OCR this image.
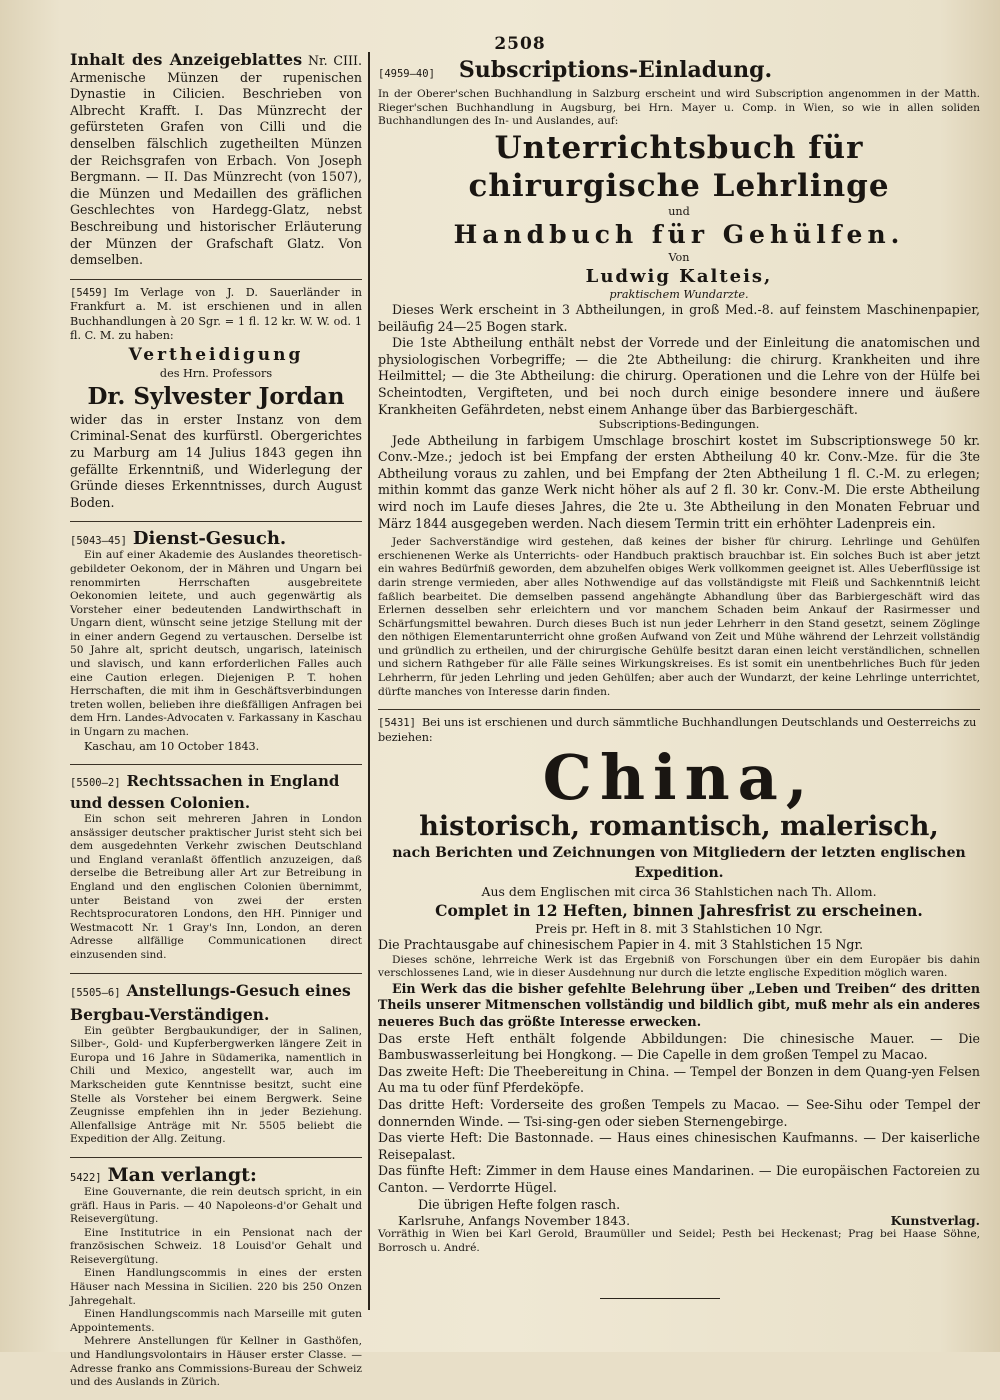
2508

Inhalt des Anzeigeblattes Nr. CIII. Armenische Münzen der rupenischen Dynastie in Cilicien. Beschrieben von Albrecht Krafft. I. Das Münzrecht der gefürsteten Grafen von Cilli und die denselben fälschlich zugetheilten Münzen der Reichsgrafen von Erbach. Von Joseph Bergmann. — II. Das Münzrecht (von 1507), die Münzen und Medaillen des gräflichen Geschlechtes von Hardegg-Glatz, nebst Beschreibung und historischer Erläuterung der Münzen der Grafschaft Glatz. Von demselben.

[5459] Im Verlage von J. D. Sauerländer in Frankfurt a. M. ist erschienen und in allen Buchhandlungen à 20 Sgr. = 1 fl. 12 kr. W. W. od. 1 fl. C. M. zu haben:

Vertheidigung

des Hrn. Professors

Dr. Sylvester Jordan

wider das in erster Instanz von dem Criminal-Senat des kurfürstl. Obergerichtes zu Marburg am 14 Julius 1843 gegen ihn gefällte Erkenntniß, und Widerlegung der Gründe dieses Erkenntnisses, durch August Boden.

[5043—45] Dienst-Gesuch.

Ein auf einer Akademie des Auslandes theoretisch-gebildeter Oekonom, der in Mähren und Ungarn bei renommirten Herrschaften ausgebreitete Oekonomien leitete, und auch gegenwärtig als Vorsteher einer bedeutenden Landwirthschaft in Ungarn dient, wünscht seine jetzige Stellung mit der in einer andern Gegend zu vertauschen. Derselbe ist 50 Jahre alt, spricht deutsch, ungarisch, lateinisch und slavisch, und kann erforderlichen Falles auch eine Caution erlegen. Diejenigen P. T. hohen Herrschaften, die mit ihm in Geschäftsverbindungen treten wollen, belieben ihre dießfälligen Anfragen bei dem Hrn. Landes-Advocaten v. Farkassany in Kaschau in Ungarn zu machen.

Kaschau, am 10 October 1843.

[5500—2] Rechtssachen in England und dessen Colonien.

Ein schon seit mehreren Jahren in London ansässiger deutscher praktischer Jurist steht sich bei dem ausgedehnten Verkehr zwischen Deutschland und England veranlaßt öffentlich anzuzeigen, daß derselbe die Betreibung aller Art zur Betreibung in England und den englischen Colonien übernimmt, unter Beistand von zwei der ersten Rechtsprocuratoren Londons, den HH. Pinniger und Westmacott Nr. 1 Gray's Inn, London, an deren Adresse allfällige Communicationen direct einzusenden sind.

[5505—6] Anstellungs-Gesuch eines Bergbau-Verständigen.

Ein geübter Bergbaukundiger, der in Salinen, Silber-, Gold- und Kupferbergwerken längere Zeit in Europa und 16 Jahre in Südamerika, namentlich in Chili und Mexico, angestellt war, auch im Markscheiden gute Kenntnisse besitzt, sucht eine Stelle als Vorsteher bei einem Bergwerk. Seine Zeugnisse empfehlen ihn in jeder Beziehung. Allenfallsige Anträge mit Nr. 5505 beliebt die Expedition der Allg. Zeitung.

5422] Man verlangt:

Eine Gouvernante, die rein deutsch spricht, in ein gräfl. Haus in Paris. — 40 Napoleons-d'or Gehalt und Reisevergütung.

Eine Institutrice in ein Pensionat nach der französischen Schweiz. 18 Louisd'or Gehalt und Reisevergütung.

Einen Handlungscommis in eines der ersten Häuser nach Messina in Sicilien. 220 bis 250 Onzen Jahregehalt.

Einen Handlungscommis nach Marseille mit guten Appointements.

Mehrere Anstellungen für Kellner in Gasthöfen, und Handlungsvolontairs in Häuser erster Classe. — Adresse franko ans Commissions-Bureau der Schweiz und des Auslands in Zürich.

[4959—40] Subscriptions-Einladung.

In der Oberer'schen Buchhandlung in Salzburg erscheint und wird Subscription angenommen in der Matth. Rieger'schen Buchhandlung in Augsburg, bei Hrn. Mayer u. Comp. in Wien, so wie in allen soliden Buchhandlungen des In- und Auslandes, auf:

Unterrichtsbuch für chirurgische Lehrlinge

und

Handbuch für Gehülfen.

Von

Ludwig Kalteis,

praktischem Wundarzte.

Dieses Werk erscheint in 3 Abtheilungen, in groß Med.-8. auf feinstem Maschinenpapier, beiläufig 24—25 Bogen stark.

Die 1ste Abtheilung enthält nebst der Vorrede und der Einleitung die anatomischen und physiologischen Vorbegriffe; — die 2te Abtheilung: die chirurg. Krankheiten und ihre Heilmittel; — die 3te Abtheilung: die chirurg. Operationen und die Lehre von der Hülfe bei Scheintodten, Vergifteten, und bei noch durch einige besondere innere und äußere Krankheiten Gefährdeten, nebst einem Anhange über das Barbiergeschäft.

Subscriptions-Bedingungen.

Jede Abtheilung in farbigem Umschlage broschirt kostet im Subscriptionswege 50 kr. Conv.-Mze.; jedoch ist bei Empfang der ersten Abtheilung 40 kr. Conv.-Mze. für die 3te Abtheilung voraus zu zahlen, und bei Empfang der 2ten Abtheilung 1 fl. C.-M. zu erlegen; mithin kommt das ganze Werk nicht höher als auf 2 fl. 30 kr. Conv.-M. Die erste Abtheilung wird noch im Laufe dieses Jahres, die 2te u. 3te Abtheilung in den Monaten Februar und März 1844 ausgegeben werden. Nach diesem Termin tritt ein erhöhter Ladenpreis ein.

Jeder Sachverständige wird gestehen, daß keines der bisher für chirurg. Lehrlinge und Gehülfen erschienenen Werke als Unterrichts- oder Handbuch praktisch brauchbar ist. Ein solches Buch ist aber jetzt ein wahres Bedürfniß geworden, dem abzuhelfen obiges Werk vollkommen geeignet ist. Alles Ueberflüssige ist darin strenge vermieden, aber alles Nothwendige auf das vollständigste mit Fleiß und Sachkenntniß leicht faßlich bearbeitet. Die demselben passend angehängte Abhandlung über das Barbiergeschäft wird das Erlernen desselben sehr erleichtern und vor manchem Schaden beim Ankauf der Rasirmesser und Schärfungsmittel bewahren. Durch dieses Buch ist nun jeder Lehrherr in den Stand gesetzt, seinem Zöglinge den nöthigen Elementarunterricht ohne großen Aufwand von Zeit und Mühe während der Lehrzeit vollständig und gründlich zu ertheilen, und der chirurgische Gehülfe besitzt daran einen leicht verständlichen, schnellen und sichern Rathgeber für alle Fälle seines Wirkungskreises. Es ist somit ein unentbehrliches Buch für jeden Lehrherrn, für jeden Lehrling und jeden Gehülfen; aber auch der Wundarzt, der keine Lehrlinge unterrichtet, dürfte manches von Interesse darin finden.

[5431] Bei uns ist erschienen und durch sämmtliche Buchhandlungen Deutschlands und Oesterreichs zu beziehen:

China,

historisch, romantisch, malerisch,

nach Berichten und Zeichnungen von Mitgliedern der letzten englischen Expedition.

Aus dem Englischen mit circa 36 Stahlstichen nach Th. Allom.

Complet in 12 Heften, binnen Jahresfrist zu erscheinen.

Preis pr. Heft in 8. mit 3 Stahlstichen 10 Ngr.

Die Prachtausgabe auf chinesischem Papier in 4. mit 3 Stahlstichen 15 Ngr.

Dieses schöne, lehrreiche Werk ist das Ergebniß von Forschungen über ein dem Europäer bis dahin verschlossenes Land, wie in dieser Ausdehnung nur durch die letzte englische Expedition möglich waren.

Ein Werk das die bisher gefehlte Belehrung über „Leben und Treiben“ des dritten Theils unserer Mitmenschen vollständig und bildlich gibt, muß mehr als ein anderes neueres Buch das größte Interesse erwecken.

Das erste Heft enthält folgende Abbildungen: Die chinesische Mauer. — Die Bambuswasserleitung bei Hongkong. — Die Capelle in dem großen Tempel zu Macao.

Das zweite Heft: Die Theebereitung in China. — Tempel der Bonzen in dem Quang-yen Felsen Au ma tu oder fünf Pferdeköpfe.

Das dritte Heft: Vorderseite des großen Tempels zu Macao. — See-Sihu oder Tempel der donnernden Winde. — Tsi-sing-gen oder sieben Sternengebirge.

Das vierte Heft: Die Bastonnade. — Haus eines chinesischen Kaufmanns. — Der kaiserliche Reisepalast.

Das fünfte Heft: Zimmer in dem Hause eines Mandarinen. — Die europäischen Factoreien zu Canton. — Verdorrte Hügel.

Die übrigen Hefte folgen rasch.

Karlsruhe, Anfangs November 1843.	Kunstverlag.

Vorräthig in Wien bei Karl Gerold, Braumüller und Seidel; Pesth bei Heckenast; Prag bei Haase Söhne, Borrosch u. André.
